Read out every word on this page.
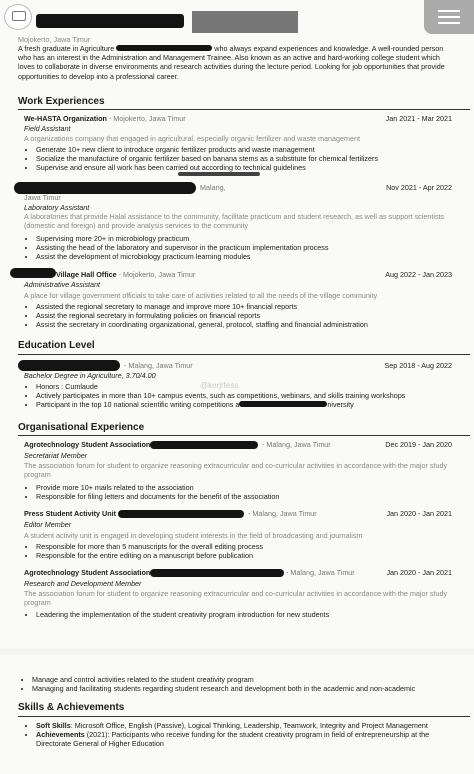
Mojokerto, Jawa Timur
A fresh graduate in Agriculture	who always expand experiences and knowledge. A well-rounded person who has an interest in the Administration and Management Trainee. Also known as an active and hard-working college student which loves to collaborate in diverse environments and research activities during the lecture period. Looking for job opportunities that provide opportunities to develop into a professional career.
Work Experiences
We-HASTA Organization - Mojokerto, Jawa Timur	Jan 2021 - Mar 2021
Field Assistant
A organizations company that engaged in agricultural, especially organic fertilizer and waste management
• Generate 10+ new client to introduce organic fertilizer products and waste management
• Socialize the manufacture of organic fertilizer based on banana stems as a substitute for chemical fertilizers
• Supervise and ensure all work has been carried out according to technical guidelines
Malang,	Nov 2021 - Apr 2022
Jawa Timur
Laboratory Assistant
A laboratories that provide Halal assistance to the community, facilitate practicum and student research, as well as support scientists (domestic and foreign) and provide analysis services to the community
• Supervising more 20+ in microbiology practicum
• Assisting the head of the laboratory and supervisor in the practicum implementation process
• Assist the development of microbiology practicum learning modules
Village Hall Office - Mojokerto, Jawa Timur	Aug 2022 - Jan 2023
Administrative Assistant
A place for village government officials to take care of activities related to all the needs of the village community
• Assisted the regional secretary to manage and improve more 10+ financial reports
• Assist the regional secretary in formulating policies on financial reports
• Assist the secretary in coordinating organizational, general, protocol, staffing and financial administration
Education Level
- Malang, Jawa Timur	Sep 2018 - Aug 2022
Bachelor Degree in Agriculture, 3.70/4.00
@kerjrfess
• Honors : Cumlaude
• Actively participates in more than 10+ campus events, such as competitions, webinars, and skills training workshops
• Participant in the top 10 national scientific writing competitions a	niversity
Organisational Experience
Agrotechnology Student Association	- Malang, Jawa Timur	Dec 2019 - Jan 2020
Secretariat Member
The association forum for student to organize reasoning extracurricular and co-curricular activities in accordance with the major study program
• Provide more 10+ mails related to the association
• Responsible for filing letters and documents for the benefit of the association
Press Student Activity Unit	- Malang, Jawa Timur	Jan 2020 - Jan 2021
Editor Member
A student activity unit is engaged in developing student interests in the field of broadcasting and journalism
• Responsible for more than 5 manuscripts for the overall editing process
• Responsible for the entire editing on a manuscript before publication
Agrotechnology Student Association	- Malang, Jawa Timur	Jan 2020 - Jan 2021
Research and Development Member
The association forum for student to organize reasoning extracurricular and co-curricular activities in accordance with the major study program
• Leadering the implementation of the student creativity program introduction for new students
• Manage and control activities related to the student creativity program
• Managing and facilitating students regarding student research and development both in the academic and non-academic
Skills & Achievements
• Soft Skills: Microsoft Office, English (Passive), Logical Thinking, Leadership, Teamwork, Integrity and Project Management
• Achievements (2021): Participants who receive funding for the student creativity program in field of entrepreneurship at the Directorate General of Higher Education
